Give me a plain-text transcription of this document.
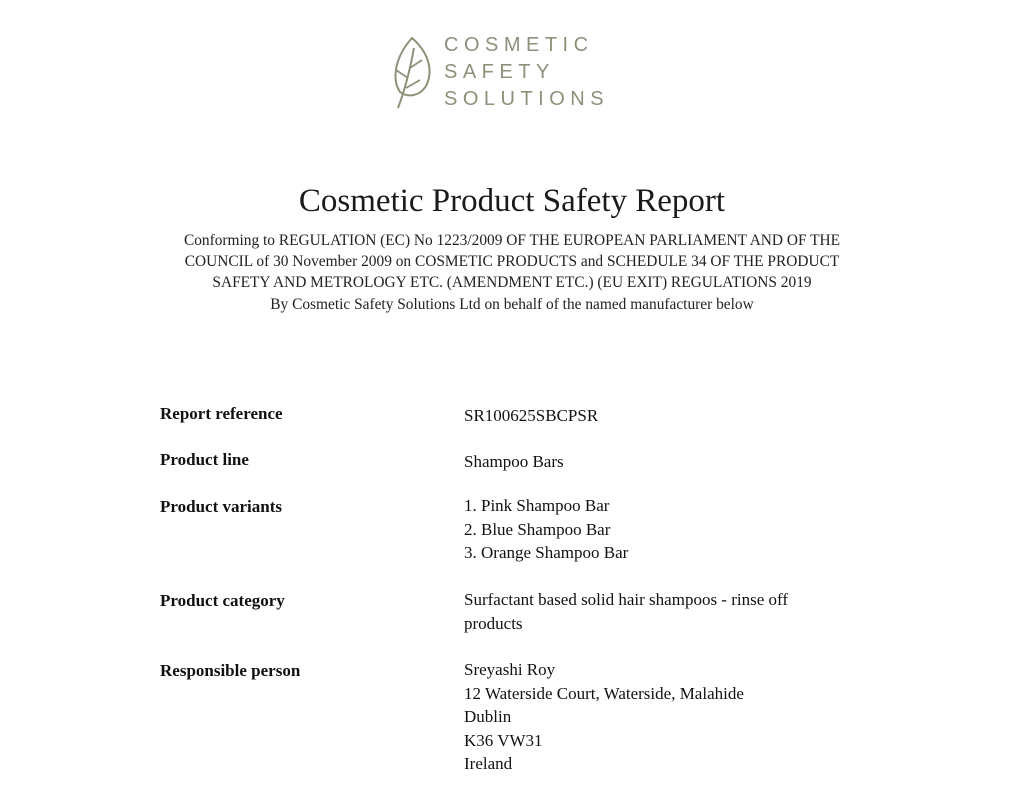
COSMETIC
SAFETY
SOLUTIONS
Cosmetic Product Safety Report
Conforming to REGULATION (EC) No 1223/2009 OF THE EUROPEAN PARLIAMENT AND OF THE
COUNCIL of 30 November 2009 on COSMETIC PRODUCTS and SCHEDULE 34 OF THE PRODUCT
SAFETY AND METROLOGY ETC. (AMENDMENT ETC.) (EU EXIT) REGULATIONS 2019
By Cosmetic Safety Solutions Ltd on behalf of the named manufacturer below
Report reference	SR100625SBCPSR
Product line	Shampoo Bars
Product variants	1. Pink Shampoo Bar
2. Blue Shampoo Bar
3. Orange Shampoo Bar
Product category	Surfactant based solid hair shampoos - rinse off
products
Responsible person	Sreyashi Roy
12 Waterside Court, Waterside, Malahide
Dublin
K36 VW31
Ireland
